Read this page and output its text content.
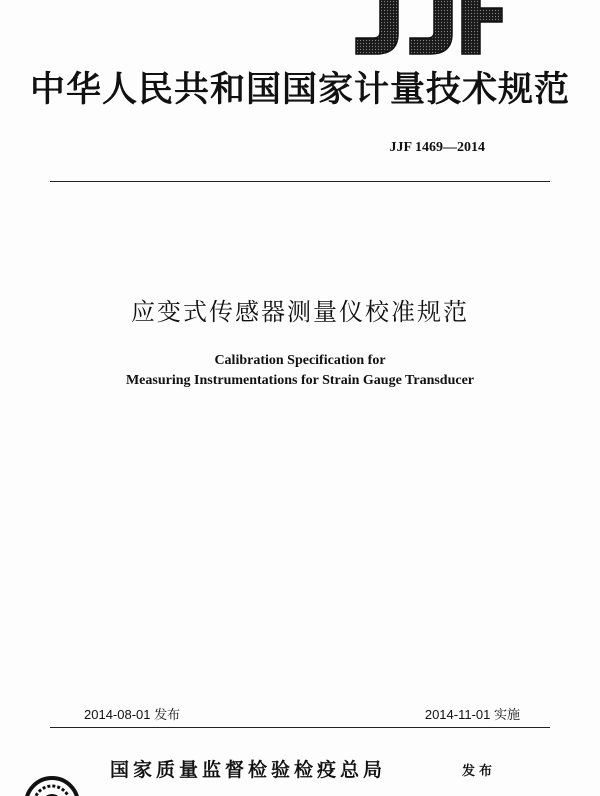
中华人民共和国国家计量技术规范
JJF 1469—2014
应变式传感器测量仪校准规范
Calibration Specification for
Measuring Instrumentations for Strain Gauge Transducer
2014-08-01 发布	2014-11-01 实施
国家质量监督检验检疫总局	发布
